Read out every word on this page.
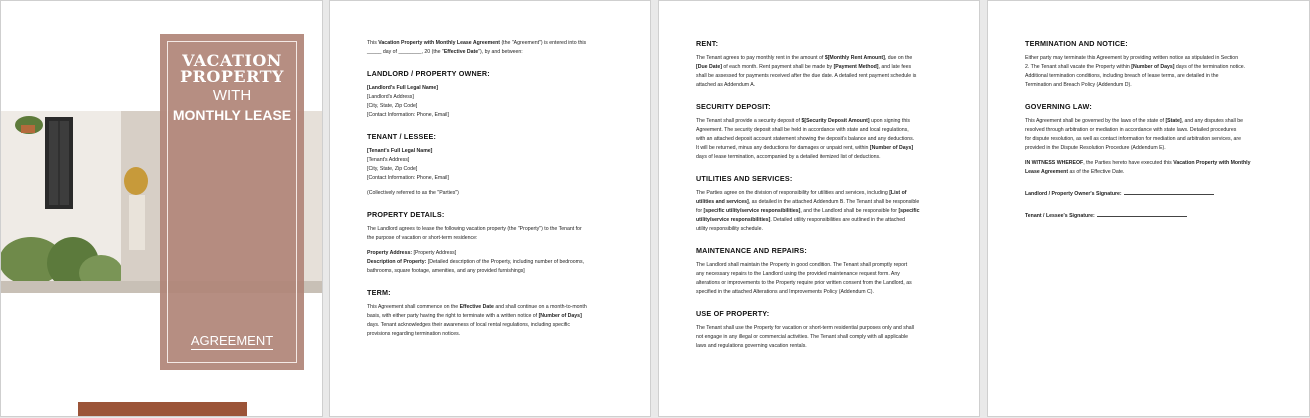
VACATION
PROPERTY
WITH
MONTHLY LEASE
AGREEMENT

This Vacation Property with Monthly Lease Agreement (the "Agreement") is entered into this
_____ day of ________, 20 (the "Effective Date"), by and between:

LANDLORD / PROPERTY OWNER:

[Landlord's Full Legal Name]
[Landlord's Address]
[City, State, Zip Code]
[Contact Information: Phone, Email]

TENANT / LESSEE:

[Tenant's Full Legal Name]
[Tenant's Address]
[City, State, Zip Code]
[Contact Information: Phone, Email]

(Collectively referred to as the "Parties")

PROPERTY DETAILS:

The Landlord agrees to lease the following vacation property (the "Property") to the Tenant for
the purpose of vacation or short-term residence:

Property Address: [Property Address]
Description of Property: [Detailed description of the Property, including number of bedrooms,
bathrooms, square footage, amenities, and any provided furnishings]

TERM:

This Agreement shall commence on the Effective Date and shall continue on a month-to-month
basis, with either party having the right to terminate with a written notice of [Number of Days]
days. Tenant acknowledges their awareness of local rental regulations, including specific
provisions regarding termination notices.

RENT:

The Tenant agrees to pay monthly rent in the amount of $[Monthly Rent Amount], due on the
[Due Date] of each month. Rent payment shall be made by [Payment Method], and late fees
shall be assessed for payments received after the due date. A detailed rent payment schedule is
attached as Addendum A.

SECURITY DEPOSIT:

The Tenant shall provide a security deposit of $[Security Deposit Amount] upon signing this
Agreement. The security deposit shall be held in accordance with state and local regulations,
with an attached deposit account statement showing the deposit's balance and any deductions.
It will be returned, minus any deductions for damages or unpaid rent, within [Number of Days]
days of lease termination, accompanied by a detailed itemized list of deductions.

UTILITIES AND SERVICES:

The Parties agree on the division of responsibility for utilities and services, including [List of
utilities and services], as detailed in the attached Addendum B. The Tenant shall be responsible
for [specific utility/service responsibilities], and the Landlord shall be responsible for [specific
utility/service responsibilities]. Detailed utility responsibilities are outlined in the attached
utility responsibility schedule.

MAINTENANCE AND REPAIRS:

The Landlord shall maintain the Property in good condition. The Tenant shall promptly report
any necessary repairs to the Landlord using the provided maintenance request form. Any
alterations or improvements to the Property require prior written consent from the Landlord, as
specified in the attached Alterations and Improvements Policy (Addendum C).

USE OF PROPERTY:

The Tenant shall use the Property for vacation or short-term residential purposes only and shall
not engage in any illegal or commercial activities. The Tenant shall comply with all applicable
laws and regulations governing vacation rentals.

TERMINATION AND NOTICE:

Either party may terminate this Agreement by providing written notice as stipulated in Section
2. The Tenant shall vacate the Property within [Number of Days] days of the termination notice.
Additional termination conditions, including breach of lease terms, are detailed in the
Termination and Breach Policy (Addendum D).

GOVERNING LAW:

This Agreement shall be governed by the laws of the state of [State], and any disputes shall be
resolved through arbitration or mediation in accordance with state laws. Detailed procedures
for dispute resolution, as well as contact information for mediation and arbitration services, are
provided in the Dispute Resolution Procedure (Addendum E).

IN WITNESS WHEREOF, the Parties hereto have executed this Vacation Property with Monthly
Lease Agreement as of the Effective Date.

Landlord / Property Owner's Signature:

Tenant / Lessee's Signature:
